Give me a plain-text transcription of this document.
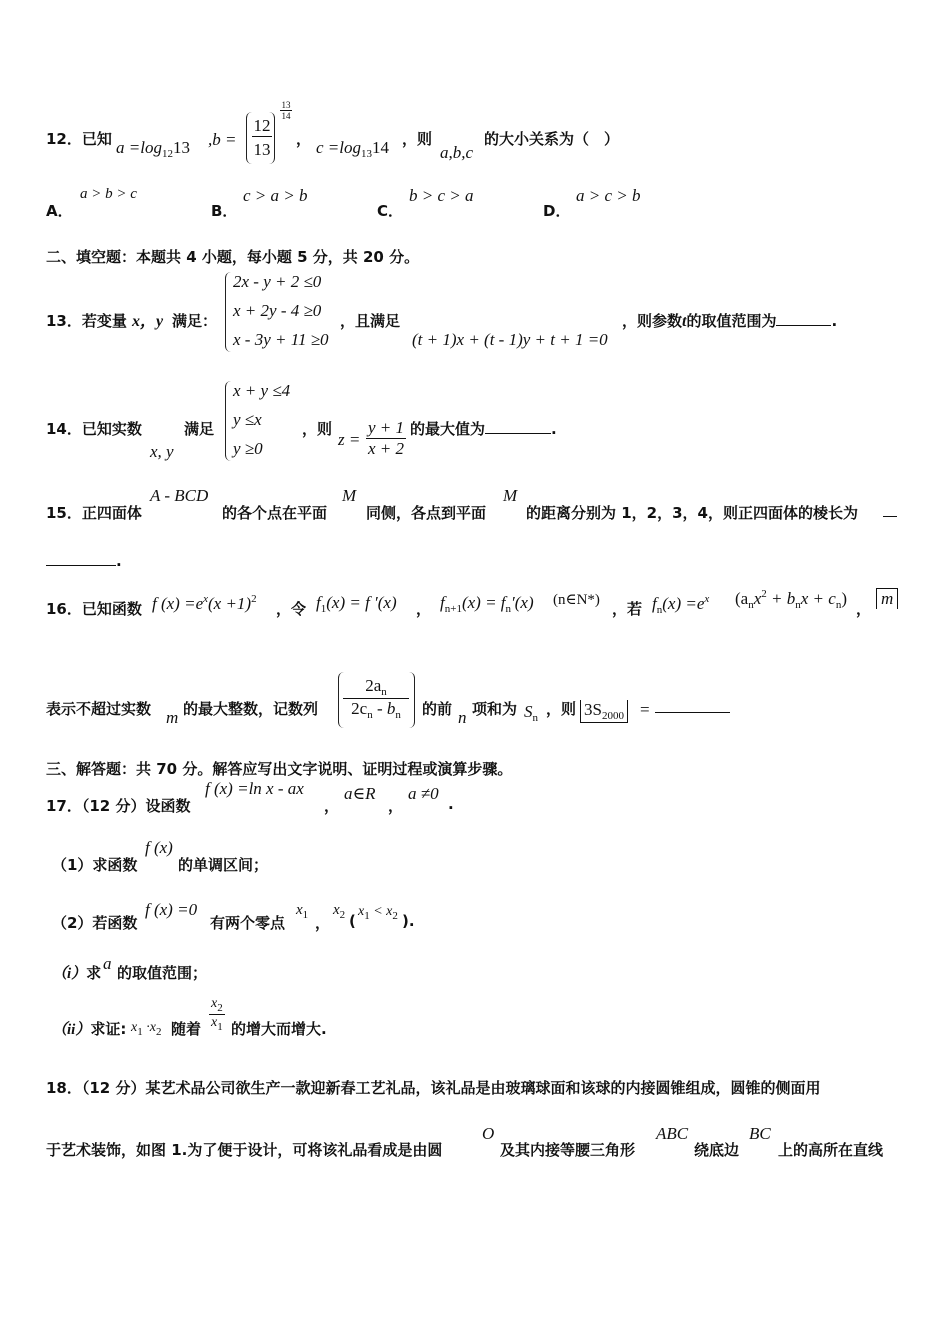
12．已知 $a =\log_{12}13$ $,b = \frac{12}{13}$
13
14
， $c =\log_{13}14$ ，则
a,b,c
的大小关系为（　）
A．
a > b > c
B．
c > a > b
C．
b > c > a
D．
a > c > b
二、填空题：本题共 4 小题，每小题 5 分，共 20 分。
13．若变量 x，y 满足：
2x - y + 2 ≤0
x + 2y - 4 ≥0
x - 3y + 11 ≥0
，且满足
(t + 1)x + (t - 1)y + t + 1 =0
，则参数t的取值范围为	.
14．已知实数
x, y
满足
x + y ≤4
y ≤x
y ≥0
，则
z =
y + 1
x + 2
的最大值为	.
15．正四面体
A - BCD
的各个点在平面
M
同侧，各点到平面
M
的距离分别为 1，2，3，4，则正四面体的棱长为
.
16．已知函数 f $(x) =e^x(x +1)^2$
，令 $f_1(x) = f$ ′(x) ， $f_{n+1}(x) = f_n'(x)$ (n∈N*) ，若 $f_n(x) =e^x$ $(a_nx^2 + b_nx + c_n)$
，
m
表示不超过实数 m 的最大整数，记数列
$2a_n$
$2c_n - b_n$	的前 n 项和为 $S_n$ ，则 $3S_{2000}$ =
三、解答题：共 70 分。解答应写出文字说明、证明过程或演算步骤。
17．（12 分）设函数
f (x) =ln x - ax
，
a∈R
，
a ≠0
.
（1）求函数
f (x)
的单调区间；
（2）若函数
f (x) =0
有两个零点
$x_1$ ，
$x_2$ (
$x_1 < x_2$ ).
（i）求 a 的取值范围；
（ii）求证: $x_1 \cdot x_2$ 随着
$x_2$
$x_1$ 的增大而增大.
18．（12 分）某艺术品公司欲生产一款迎新春工艺礼品，该礼品是由玻璃球面和该球的内接圆锥组成，圆锥的侧面用
于艺术装饰，如图 1.为了便于设计，可将该礼品看成是由圆
O
及其内接等腰三角形
ABC
绕底边
BC
上的高所在直线
